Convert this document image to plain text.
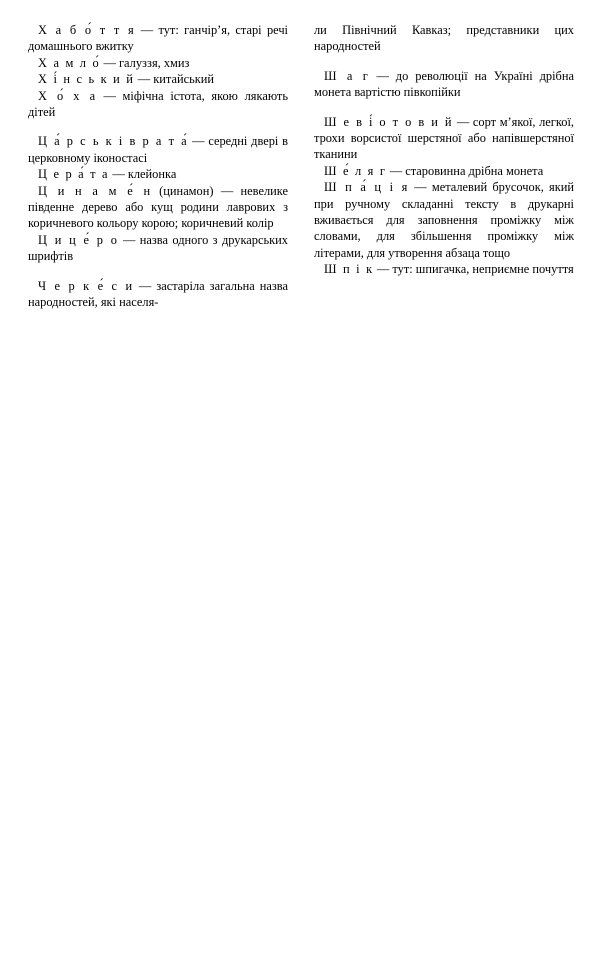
Х а б о́ т т я — тут: ганчірʼя, старі речі домашнього вжитку

Х а м л о́ — галуззя, хмиз

Х і́ н с ь к и й — китайський

Х о́ х а — міфічна істота, якою лякають дітей

Ц а́ р с ь к і в р а т а́ — середні двері в церковному іконостасі

Ц е р а́ т а — клейонка

Ц и н а м е́ н (цинамон) — невелике південне дерево або кущ родини лаврових з коричневого кольору корою; коричневий колір

Ц и ц е́ р о — назва одного з друкарських шрифтів

Ч е р к е́ с и — застаріла загальна назва народностей, які населя-

ли Північний Кавказ; представники цих народностей

Ш а г — до революції на Україні дрібна монета вартістю півкопійки

Ш е в і́ о т о в и й — сорт мʼякої, легкої, трохи ворсистої шерстяної або напівшерстяної тканини

Ш е́ л я г — старовинна дрібна монета

Ш п а́ ц і я — металевий брусочок, який при ручному складанні тексту в друкарні вживається для заповнення проміжку між словами, для збільшення проміжку між літерами, для утворення абзаца тощо

Ш п і к — тут: шпигачка, неприємне почуття
